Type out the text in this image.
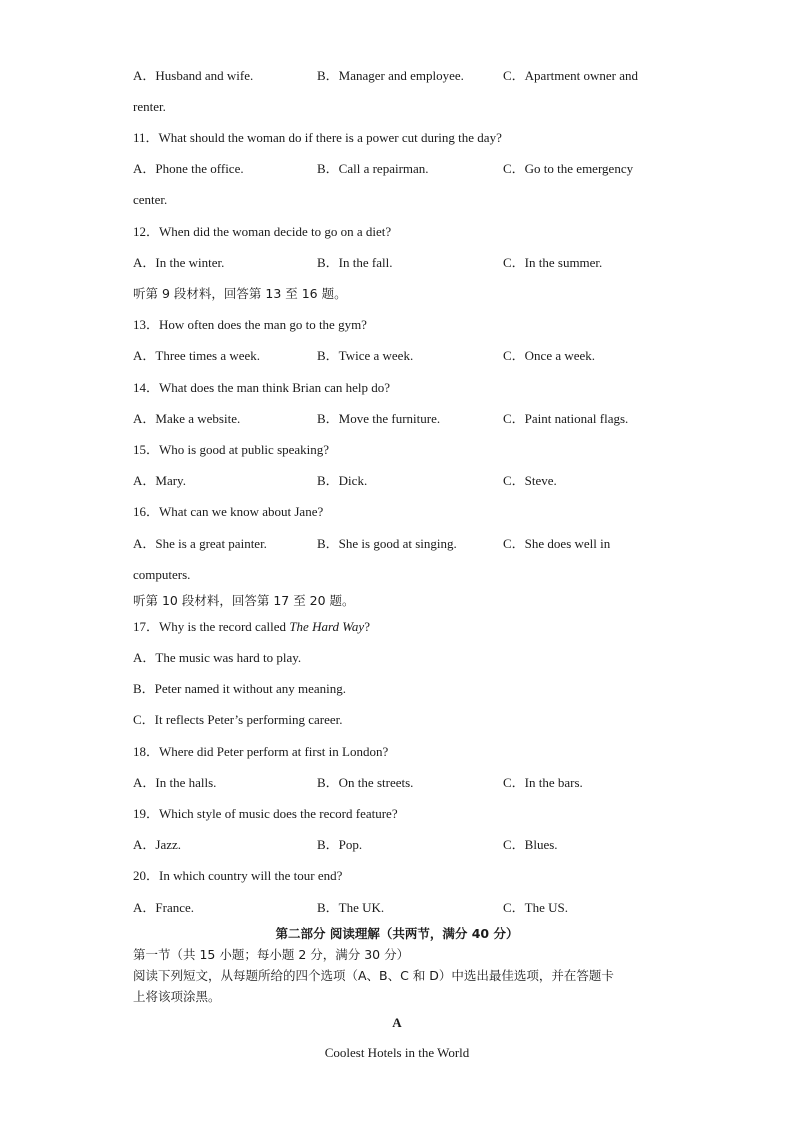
A．Husband and wife.	B．Manager and employee.	C．Apartment owner and
renter.
11．What should the woman do if there is a power cut during the day?
A．Phone the office.	B．Call a repairman.	C．Go to the emergency
center.
12．When did the woman decide to go on a diet?
A．In the winter.	B．In the fall.	C．In the summer.
听第 9 段材料，回答第 13 至 16 题。
13．How often does the man go to the gym?
A．Three times a week.	B．Twice a week.	C．Once a week.
14．What does the man think Brian can help do?
A．Make a website.	B．Move the furniture.	C．Paint national flags.
15．Who is good at public speaking?
A．Mary.	B．Dick.	C．Steve.
16．What can we know about Jane?
A．She is a great painter.	B．She is good at singing.	C．She does well in
computers.
听第 10 段材料，回答第 17 至 20 题。
17．Why is the record called The Hard Way?
A．The music was hard to play.
B．Peter named it without any meaning.
C．It reflects Peter’s performing career.
18．Where did Peter perform at first in London?
A．In the halls.	B．On the streets.	C．In the bars.
19．Which style of music does the record feature?
A．Jazz.	B．Pop.	C．Blues.
20．In which country will the tour end?
A．France.	B．The UK.	C．The US.
第二部分 阅读理解（共两节，满分 40 分）
第一节（共 15 小题；每小题 2 分，满分 30 分）
阅读下列短文，从每题所给的四个选项（A、B、C 和 D）中选出最佳选项，并在答题卡
上将该项涂黑。
A
Coolest Hotels in the World
